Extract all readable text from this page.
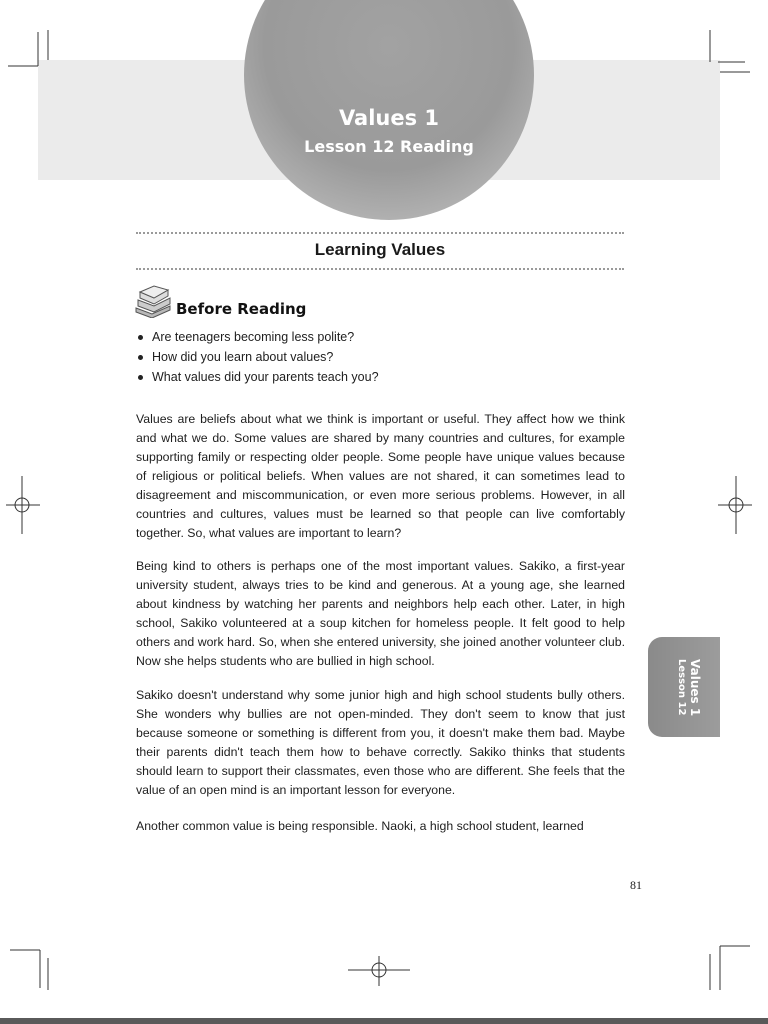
Values 1
Lesson 12 Reading
Learning Values
Before Reading
Are teenagers becoming less polite?
How did you learn about values?
What values did your parents teach you?

Values are beliefs about what we think is important or useful. They affect how we think and what we do. Some values are shared by many countries and cultures, for example supporting family or respecting older people. Some people have unique values because of religious or political beliefs. When values are not shared, it can sometimes lead to disagreement and miscommunication, or even more serious problems. However, in all countries and cultures, values must be learned so that people can live comfortably together. So, what values are important to learn?

Being kind to others is perhaps one of the most important values. Sakiko, a first-year university student, always tries to be kind and generous. At a young age, she learned about kindness by watching her parents and neighbors help each other. Later, in high school, Sakiko volunteered at a soup kitchen for homeless people. It felt good to help others and work hard. So, when she entered university, she joined another volunteer club. Now she helps students who are bullied in high school.

Sakiko doesn't understand why some junior high and high school students bully others. She wonders why bullies are not open-minded. They don't seem to know that just because someone or something is different from you, it doesn't make them bad. Maybe their parents didn't teach them how to behave correctly. Sakiko thinks that students should learn to support their classmates, even those who are different. She feels that the value of an open mind is an important lesson for everyone.

Another common value is being responsible. Naoki, a high school student, learned

Values 1
Lesson 12
81
